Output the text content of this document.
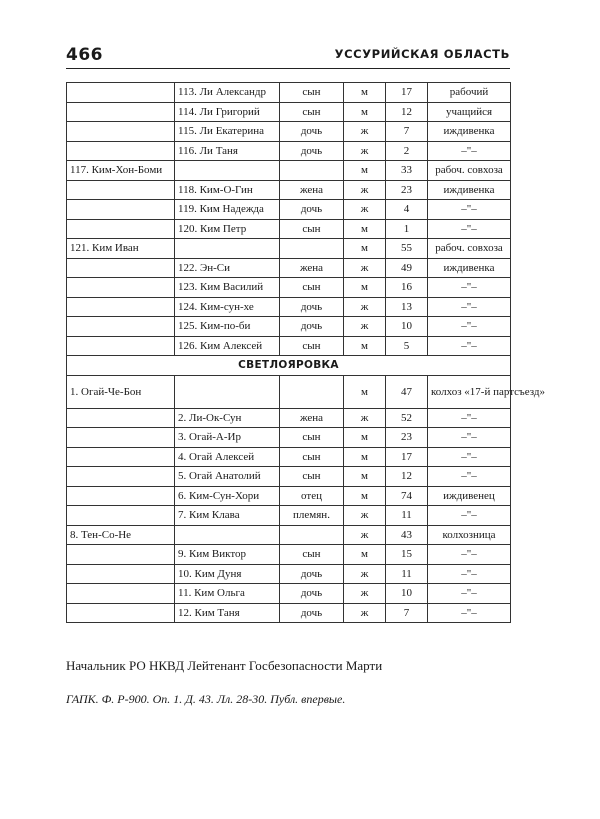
466	УССУРИЙСКАЯ ОБЛАСТЬ
	113. Ли Александр	сын	м	17	рабочий
	114. Ли Григорий	сын	м	12	учащийся
	115. Ли Екатерина	дочь	ж	7	иждивенка
	116. Ли Таня	дочь	ж	2	–"–
117. Ким-Хон-Боми			м	33	рабоч. совхоза
	118. Ким-О-Гин	жена	ж	23	иждивенка
	119. Ким Надежда	дочь	ж	4	–"–
	120. Ким Петр	сын	м	1	–"–
121. Ким Иван			м	55	рабоч. совхоза
	122. Эн-Си	жена	ж	49	иждивенка
	123. Ким Василий	сын	м	16	–"–
	124. Ким-сун-хе	дочь	ж	13	–"–
	125. Ким-по-би	дочь	ж	10	–"–
	126. Ким Алексей	сын	м	5	–"–
СВЕТЛОЯРОВКА					
1. Огай-Че-Бон			м	47	колхоз «17-й партсъезд»
	2. Ли-Ок-Сун	жена	ж	52	–"–
	3. Огай-А-Ир	сын	м	23	–"–
	4. Огай Алексей	сын	м	17	–"–
	5. Огай Анатолий	сын	м	12	–"–
	6. Ким-Сун-Хори	отец	м	74	иждивенец
	7. Ким Клава	племян.	ж	11	–"–
8. Тен-Со-Не			ж	43	колхозница
	9. Ким Виктор	сын	м	15	–"–
	10. Ким Дуня	дочь	ж	11	–"–
	11. Ким Ольга	дочь	ж	10	–"–
	12. Ким Таня	дочь	ж	7	–"–
Начальник РО НКВД Лейтенант Госбезопасности Марти
ГАПК. Ф. Р-900. Оп. 1. Д. 43. Лл. 28-30. Публ. впервые.
